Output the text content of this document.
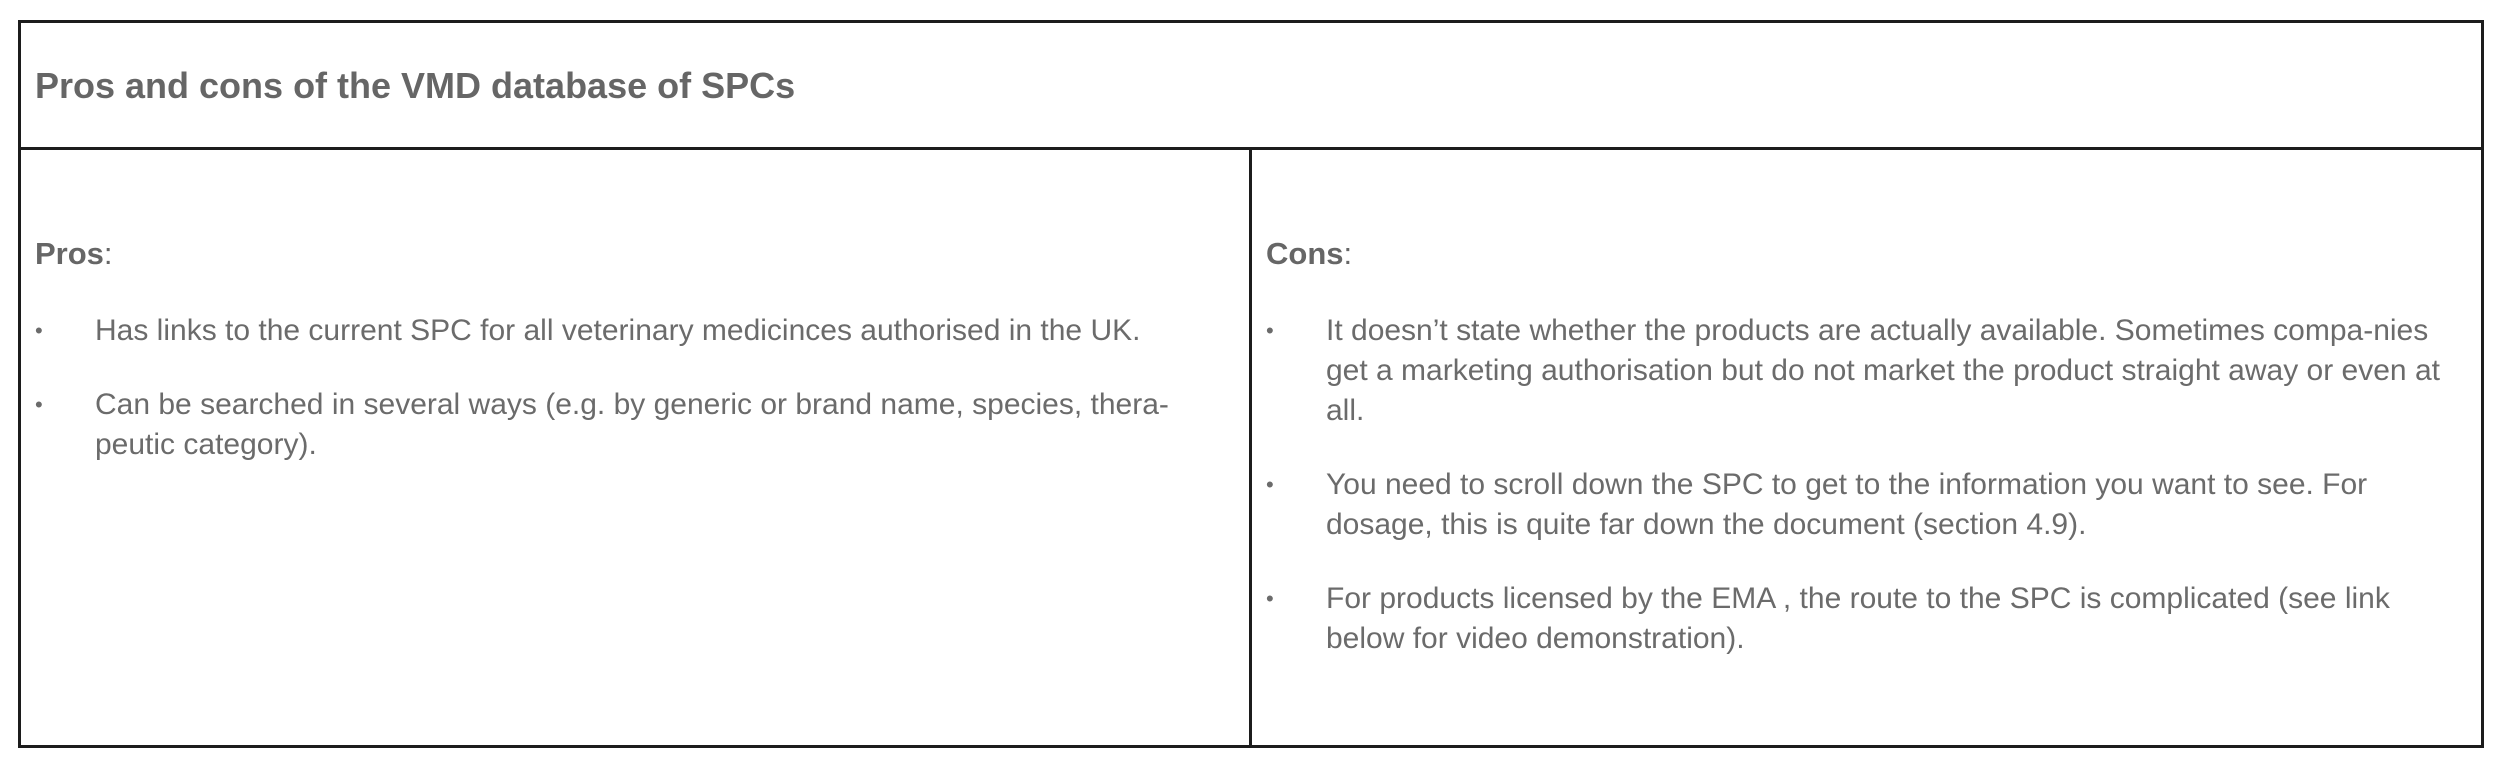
Pros and cons of the VMD database of SPCs
Pros:
• Has links to the current SPC for all veterinary medicinces authorised in the UK.
• Can be searched in several ways (e.g. by generic or brand name, species, thera-peutic category).
Cons:
• It doesn’t state whether the products are actually available. Sometimes compa-nies get a marketing authorisation but do not market the product straight away or even at all.
• You need to scroll down the SPC to get to the information you want to see. For dosage, this is quite far down the document (section 4.9).
• For products licensed by the EMA , the route to the SPC is complicated (see link below for video demonstration).
